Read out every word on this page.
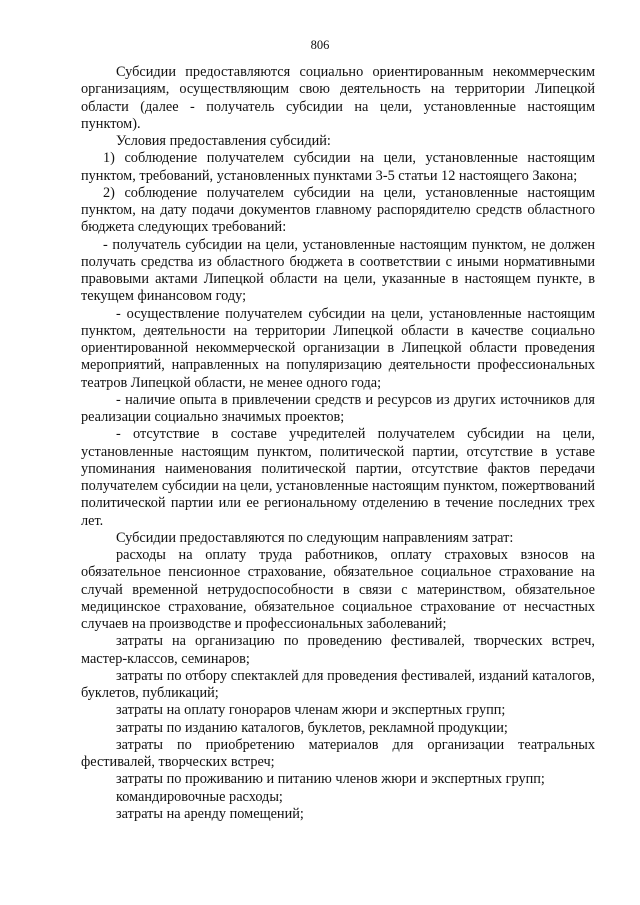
806

Субсидии предоставляются социально ориентированным некоммерческим организациям, осуществляющим свою деятельность на территории Липецкой области (далее - получатель субсидии на цели, установленные настоящим пунктом).

Условия предоставления субсидий:

1) соблюдение получателем субсидии на цели, установленные настоящим пунктом, требований, установленных пунктами 3-5 статьи 12 настоящего Закона;

2) соблюдение получателем субсидии на цели, установленные настоящим пунктом, на дату подачи документов главному распорядителю средств областного бюджета следующих требований:

- получатель субсидии на цели, установленные настоящим пунктом, не должен получать средства из областного бюджета в соответствии с иными нормативными правовыми актами Липецкой области на цели, указанные в настоящем пункте, в текущем финансовом году;

- осуществление получателем субсидии на цели, установленные настоящим пунктом, деятельности на территории Липецкой области в качестве социально ориентированной некоммерческой организации в Липецкой области проведения мероприятий, направленных на популяризацию деятельности профессиональных театров Липецкой области, не менее одного года;

- наличие опыта в привлечении средств и ресурсов из других источников для реализации социально значимых проектов;

- отсутствие в составе учредителей получателем субсидии на цели, установленные настоящим пунктом, политической партии, отсутствие в уставе упоминания наименования политической партии, отсутствие фактов передачи получателем субсидии на цели, установленные настоящим пунктом, пожертвований политической партии или ее региональному отделению в течение последних трех лет.

Субсидии предоставляются по следующим направлениям затрат:

расходы на оплату труда работников, оплату страховых взносов на обязательное пенсионное страхование, обязательное социальное страхование на случай временной нетрудоспособности в связи с материнством, обязательное медицинское страхование, обязательное социальное страхование от несчастных случаев на производстве и профессиональных заболеваний;

затраты на организацию по проведению фестивалей, творческих встреч, мастер-классов, семинаров;

затраты по отбору спектаклей для проведения фестивалей, изданий каталогов, буклетов, публикаций;

затраты на оплату гонораров членам жюри и экспертных групп;

затраты по изданию каталогов, буклетов, рекламной продукции;

затраты по приобретению материалов для организации театральных фестивалей, творческих встреч;

затраты по проживанию и питанию членов жюри и экспертных групп;

командировочные расходы;

затраты на аренду помещений;
